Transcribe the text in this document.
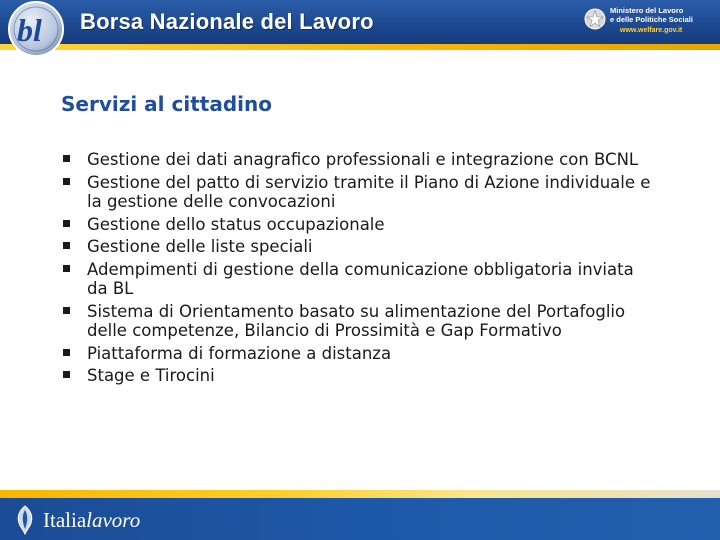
bl Borsa Nazionale del Lavoro	Ministero del Lavoro
e delle Politiche Sociali
www.welfare.gov.it
Servizi al cittadino
Gestione dei dati anagrafico professionali e integrazione con BCNL
Gestione del patto di servizio tramite il Piano di Azione individuale e
la gestione delle convocazioni
Gestione dello status occupazionale
Gestione delle liste speciali
Adempimenti di gestione della comunicazione obbligatoria inviata
da BL
Sistema di Orientamento basato su alimentazione del Portafoglio
delle competenze, Bilancio di Prossimità e Gap Formativo
Piattaforma di formazione a distanza
Stage e Tirocini
Italialavoro
